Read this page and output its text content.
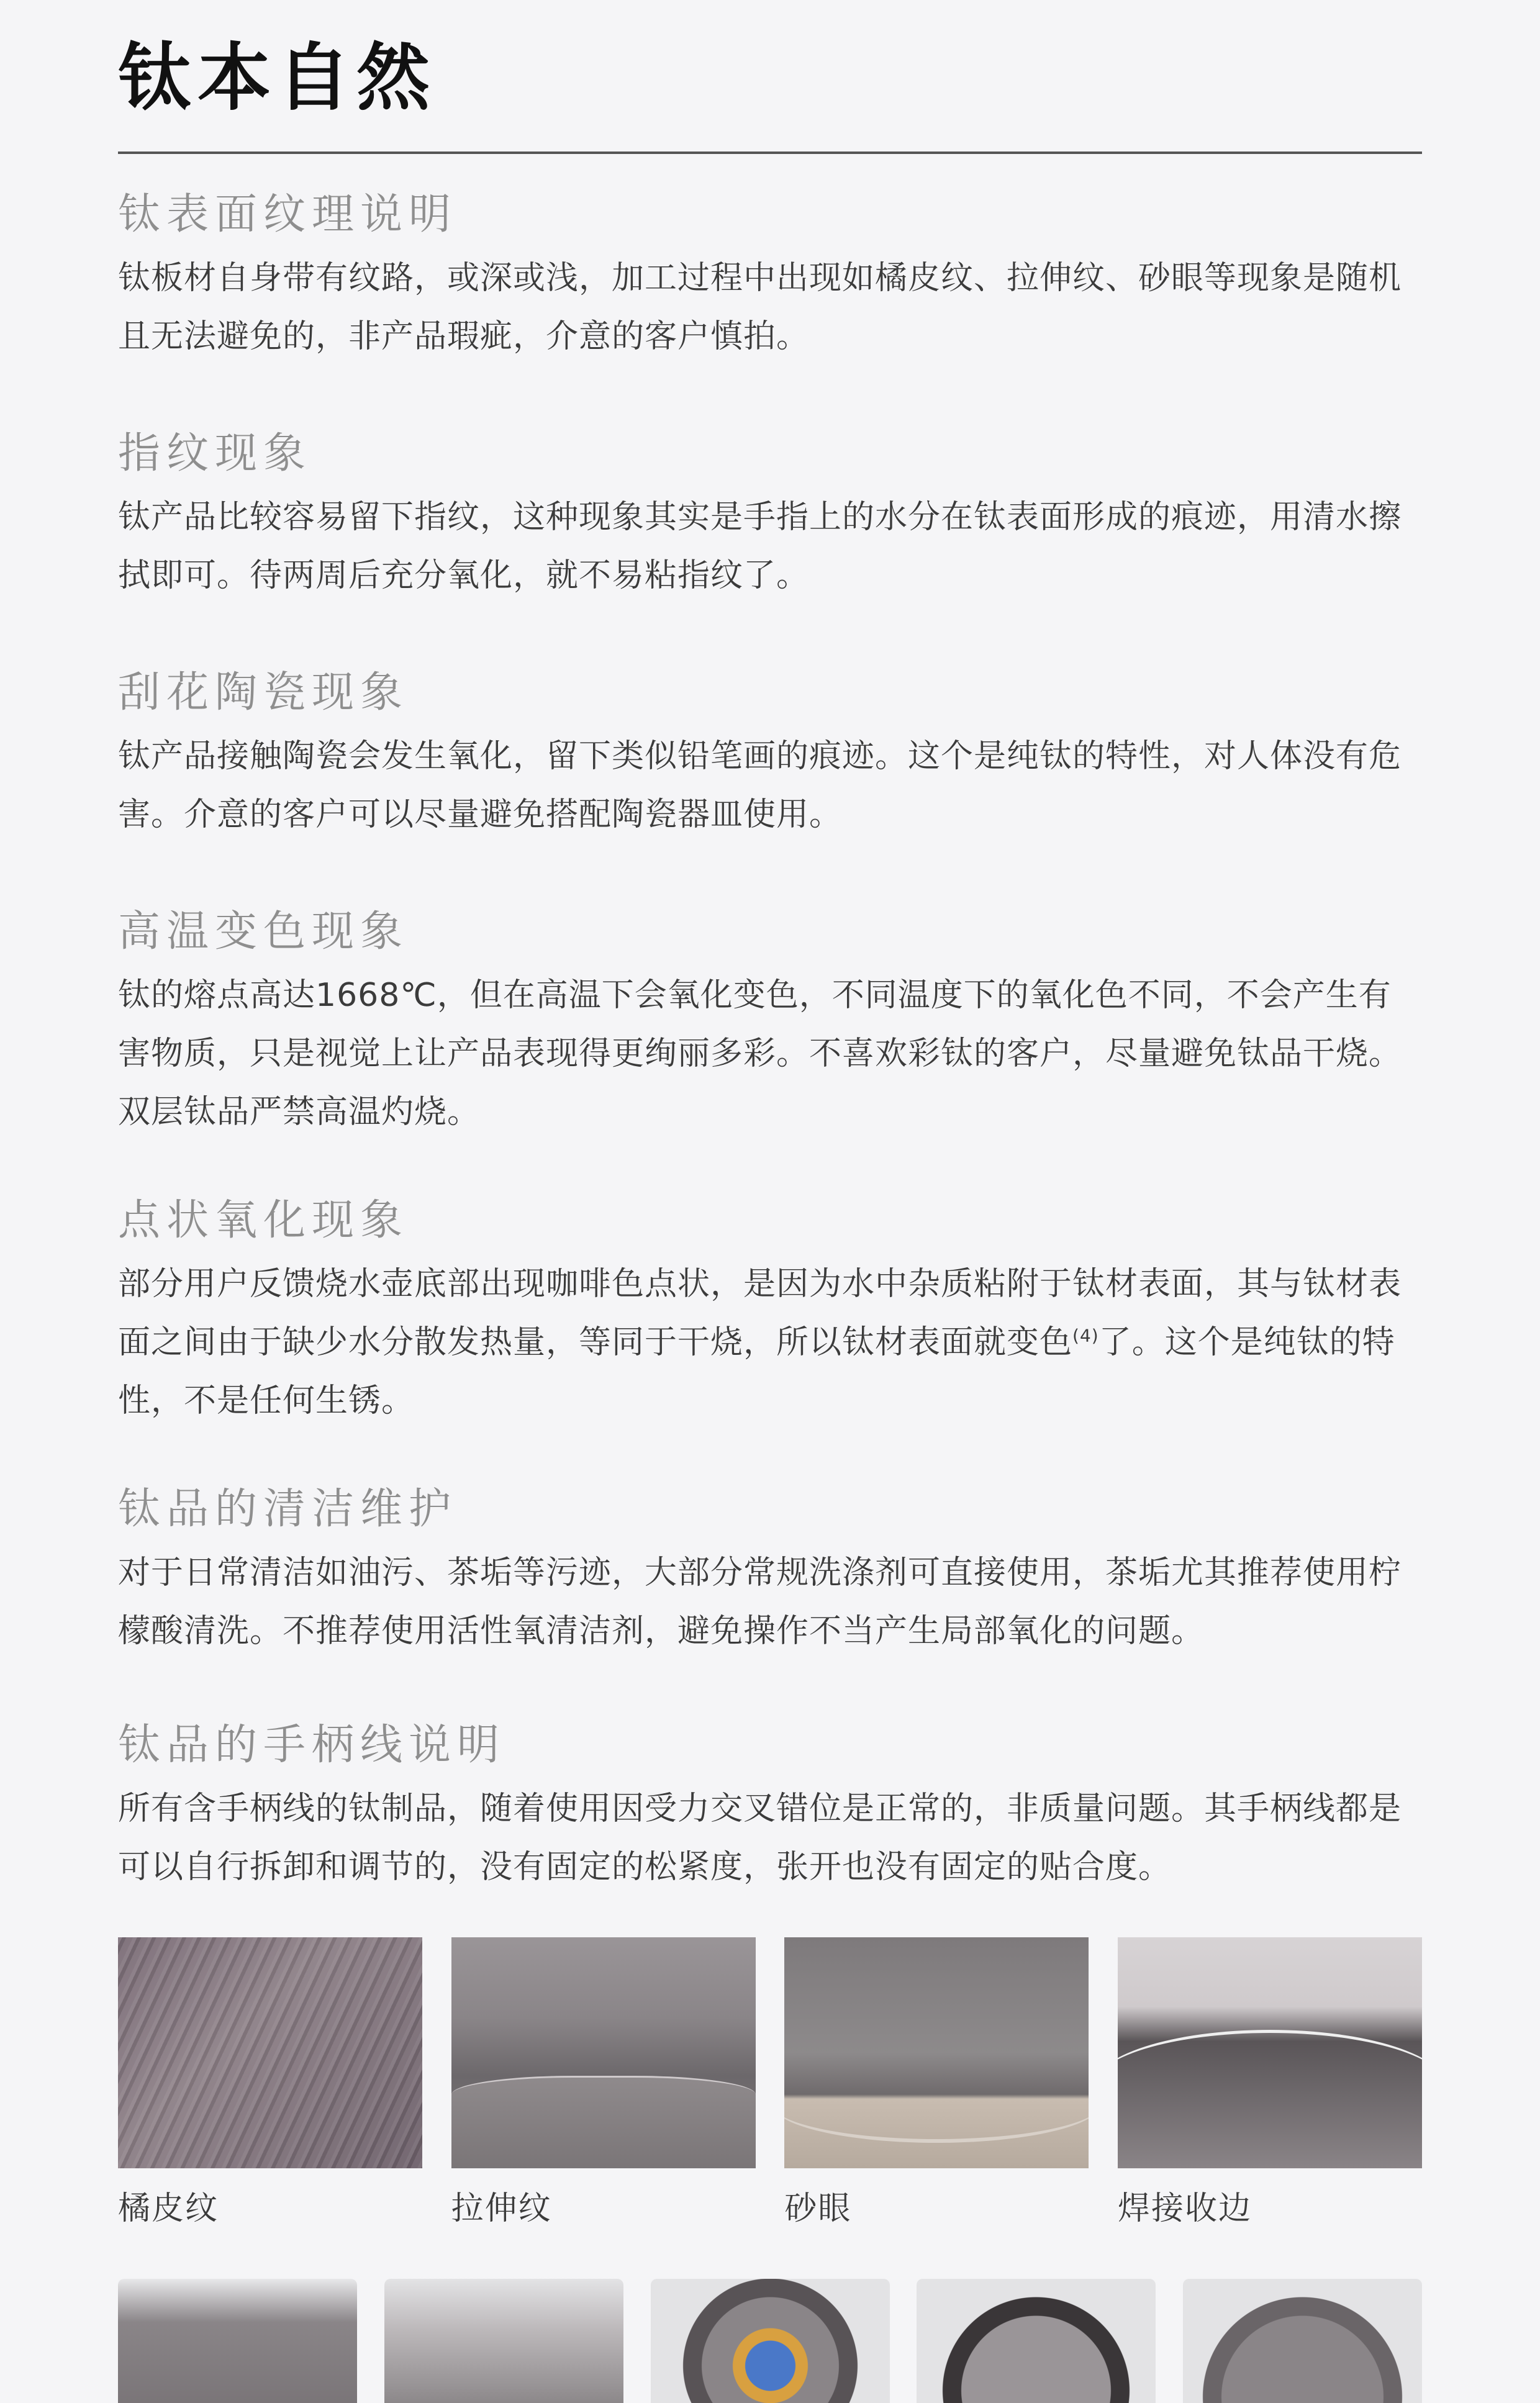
钛本自然
钛表面纹理说明

钛板材自身带有纹路，或深或浅，加工过程中出现如橘皮纹、拉伸纹、砂眼等现象是随机且无法避免的，非产品瑕疵，介意的客户慎拍。

指纹现象

钛产品比较容易留下指纹，这种现象其实是手指上的水分在钛表面形成的痕迹，用清水擦拭即可。待两周后充分氧化，就不易粘指纹了。

刮花陶瓷现象

钛产品接触陶瓷会发生氧化，留下类似铅笔画的痕迹。这个是纯钛的特性，对人体没有危害。介意的客户可以尽量避免搭配陶瓷器皿使用。

高温变色现象

钛的熔点高达1668℃，但在高温下会氧化变色，不同温度下的氧化色不同，不会产生有害物质，只是视觉上让产品表现得更绚丽多彩。不喜欢彩钛的客户，尽量避免钛品干烧。双层钛品严禁高温灼烧。

点状氧化现象

部分用户反馈烧水壶底部出现咖啡色点状，是因为水中杂质粘附于钛材表面，其与钛材表面之间由于缺少水分散发热量，等同于干烧，所以钛材表面就变色$^{(4)}$了。这个是纯钛的特性，不是任何生锈。

钛品的清洁维护

对于日常清洁如油污、茶垢等污迹，大部分常规洗涤剂可直接使用，茶垢尤其推荐使用柠檬酸清洗。不推荐使用活性氧清洁剂，避免操作不当产生局部氧化的问题。

钛品的手柄线说明

所有含手柄线的钛制品，随着使用因受力交叉错位是正常的，非质量问题。其手柄线都是可以自行拆卸和调节的，没有固定的松紧度，张开也没有固定的贴合度。

橘皮纹	拉伸纹	砂眼	焊接收边
